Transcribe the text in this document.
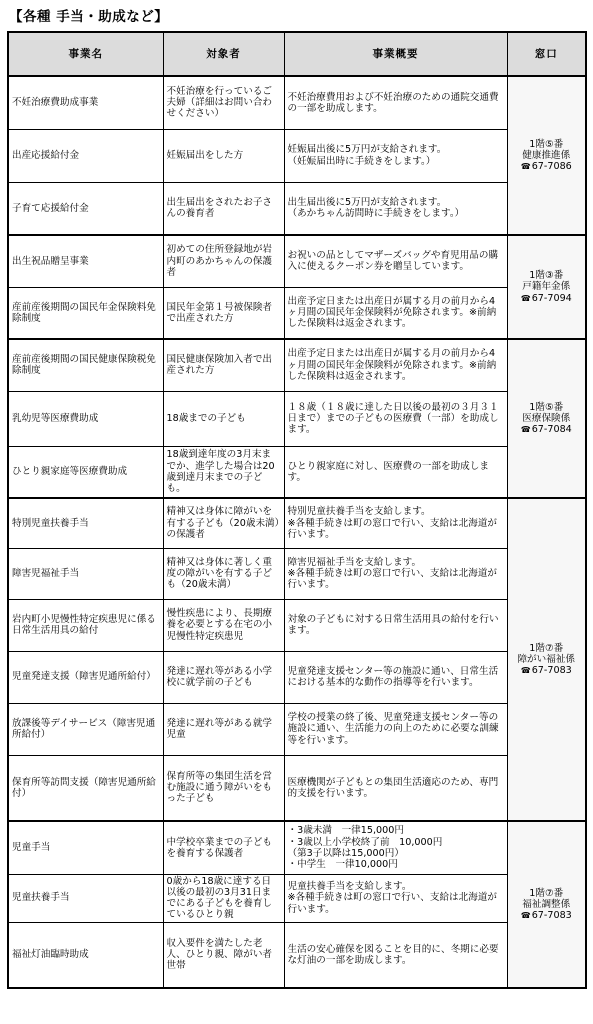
【各種 手当・助成など】
事業名	対象者	事業概要	窓口
不妊治療費助成事業	不妊治療を行っているご夫婦（詳細はお問い合わせください）	不妊治療費用および不妊治療のための通院交通費の一部を助成します。	1階⑤番
健康推進係
☎67-7086

出産応援給付金	妊娠届出をした方	妊娠届出後に5万円が支給されます。
（妊娠届出時に手続きをします。）	

子育て応援給付金	出生届出をされたお子さんの養育者	出生届出後に5万円が支給されます。
（あかちゃん訪問時に手続きをします。）	

出生祝品贈呈事業	初めての住所登録地が岩内町のあかちゃんの保護者	お祝いの品としてマザーズバッグや育児用品の購入に使えるクーポン券を贈呈しています。	1階③番
戸籍年金係
☎67-7094

産前産後期間の国民年金保険料免除制度	国民年金第１号被保険者で出産された方	出産予定日または出産日が属する月の前月から4ヶ月間の国民年金保険料が免除されます。※前納した保険料は返金されます。	

産前産後期間の国民健康保険税免除制度	国民健康保険加入者で出産された方	出産予定日または出産日が属する月の前月から4ヶ月間の国民年金保険料が免除されます。※前納した保険料は返金されます。	1階⑤番
医療保険係
☎67-7084

乳幼児等医療費助成	18歳までの子ども	１８歳（１８歳に達した日以後の最初の３月３１日まで）までの子どもの医療費（一部）を助成します。	

ひとり親家庭等医療費助成	18歳到達年度の3月末までか、進学した場合は20歳到達月末までの子ども。	ひとり親家庭に対し、医療費の一部を助成します。	

特別児童扶養手当	精神又は身体に障がいを有する子ども（20歳未満）の保護者	特別児童扶養手当を支給します。
※各種手続きは町の窓口で行い、支給は北海道が行います。	1階⑦番
障がい福祉係
☎67-7083

障害児福祉手当	精神又は身体に著しく重度の障がいを有する子ども（20歳未満）	障害児福祉手当を支給します。
※各種手続きは町の窓口で行い、支給は北海道が行います。	

岩内町小児慢性特定疾患児に係る日常生活用具の給付	慢性疾患により、長期療養を必要とする在宅の小児慢性特定疾患児	対象の子どもに対する日常生活用具の給付を行います。	

児童発達支援（障害児通所給付）	発達に遅れ等がある小学校に就学前の子ども	児童発達支援センター等の施設に通い、日常生活における基本的な動作の指導等を行います。	

放課後等デイサービス（障害児通所給付）	発達に遅れ等がある就学児童	学校の授業の終了後、児童発達支援センター等の施設に通い、生活能力の向上のために必要な訓練等を行います。	

保育所等訪問支援（障害児通所給付）	保育所等の集団生活を営む施設に通う障がいをもった子ども	医療機関が子どもとの集団生活適応のため、専門的支援を行います。	

児童手当	中学校卒業までの子どもを養育する保護者	・3歳未満　一律15,000円
・3歳以上小学校終了前　10,000円
（第3子以降は15,000円）
・中学生　一律10,000円	1階⑦番
福祉調整係
☎67-7083

児童扶養手当	0歳から18歳に達する日以後の最初の3月31日までにある子どもを養育しているひとり親	児童扶養手当を支給します。
※各種手続きは町の窓口で行い、支給は北海道が行います。	

福祉灯油臨時助成	収入要件を満たした老人、ひとり親、障がい者世帯	生活の安心確保を図ることを目的に、冬期に必要な灯油の一部を助成します。	
